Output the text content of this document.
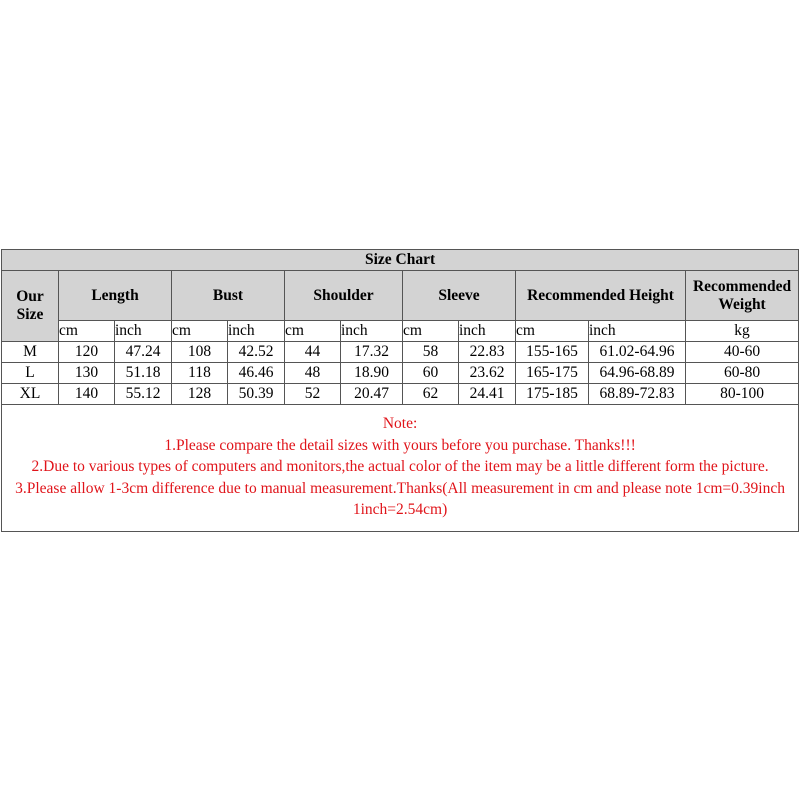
Size Chart											
Our Size	Length		Bust		Shoulder		Sleeve		Recommended Height		Recommended Weight
	cm	inch	cm	inch	cm	inch	cm	inch	cm	inch	kg
M	120	47.24	108	42.52	44	17.32	58	22.83	155-165	61.02-64.96	40-60
L	130	51.18	118	46.46	48	18.90	60	23.62	165-175	64.96-68.89	60-80
XL	140	55.12	128	50.39	52	20.47	62	24.41	175-185	68.89-72.83	80-100

Note:
1.Please compare the detail sizes with yours before you purchase. Thanks!!!
2.Due to various types of computers and monitors,the actual color of the item may be a little different form the picture.
3.Please allow 1-3cm difference due to manual measurement.Thanks(All measurement in cm and please note 1cm=0.39inch 1inch=2.54cm)											
